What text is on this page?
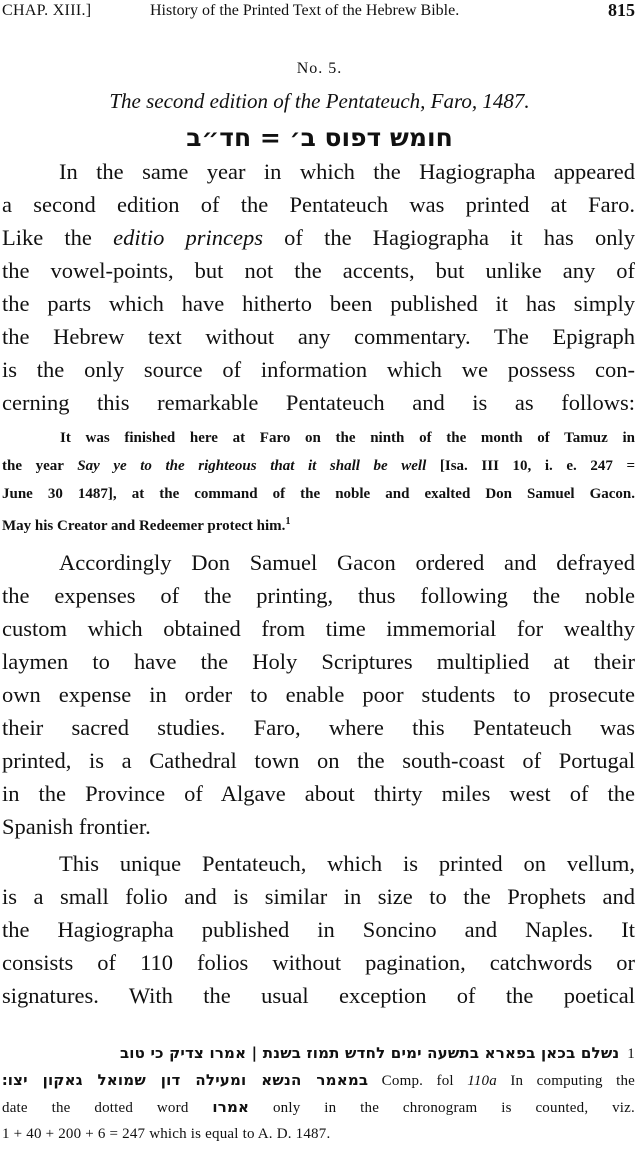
CHAP. XIII.]	History of the Printed Text of the Hebrew Bible.	815
No. 5.
The second edition of the Pentateuch, Faro, 1487.
חומש דפוס ב׳ = חד״ב
In the same year in which the Hagiographa appeared
a second edition of the Pentateuch was printed at Faro.
Like the editio princeps of the Hagiographa it has only
the vowel-points, but not the accents, but unlike any of
the parts which have hitherto been published it has simply
the Hebrew text without any commentary. The Epigraph
is the only source of information which we possess con-
cerning this remarkable Pentateuch and is as follows:
It was finished here at Faro on the ninth of the month of Tamuz in
the year Say ye to the righteous that it shall be well [Isa. III 10, i. e. 247 =
June 30 1487], at the command of the noble and exalted Don Samuel Gacon.
May his Creator and Redeemer protect him.$^1$
Accordingly Don Samuel Gacon ordered and defrayed
the expenses of the printing, thus following the noble
custom which obtained from time immemorial for wealthy
laymen to have the Holy Scriptures multiplied at their
own expense in order to enable poor students to prosecute
their sacred studies. Faro, where this Pentateuch was
printed, is a Cathedral town on the south-coast of Portugal
in the Province of Algave about thirty miles west of the
Spanish frontier.
This unique Pentateuch, which is printed on vellum,
is a small folio and is similar in size to the Prophets and
the Hagiographa published in Soncino and Naples. It
consists of 110 folios without pagination, catchwords or
signatures. With the usual exception of the poetical
נשלם בכאן בפארא בתשעה ימים לחדש תמוז בשנת | אמרו צדיק כי טוב 1
במאמר הנשא ומעילה דון שמואל גאקון יצו׃ Comp. fol 110a In computing the
date the dotted word אמרו only in the chronogram is counted, viz.
1 + 40 + 200 + 6 = 247 which is equal to A. D. 1487.
